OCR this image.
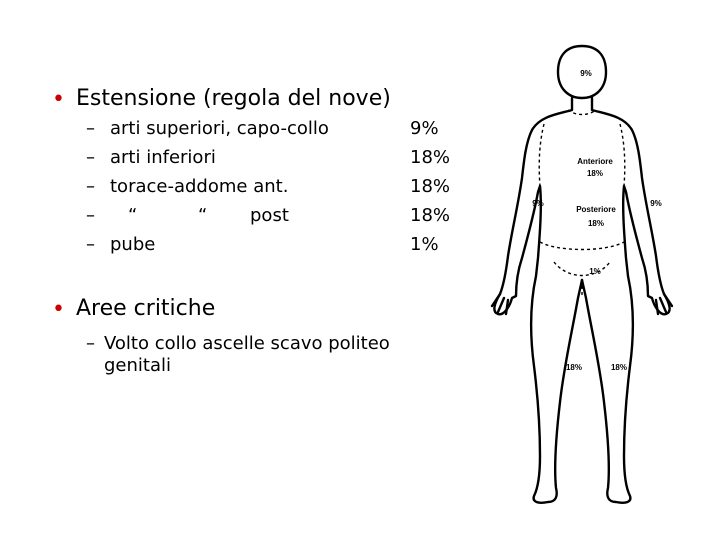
• Estensione (regola del nove)
– arti superiori, capo-collo	9%
– arti inferiori	18%
– torace-addome ant.	18%
– “	“ post	18%
– pube	1%
• Aree critiche
– Volto collo ascelle scavo politeo
genitali
9%
Anteriore
18%
Posteriore
18%
9%	9%
1%
18%	18%
